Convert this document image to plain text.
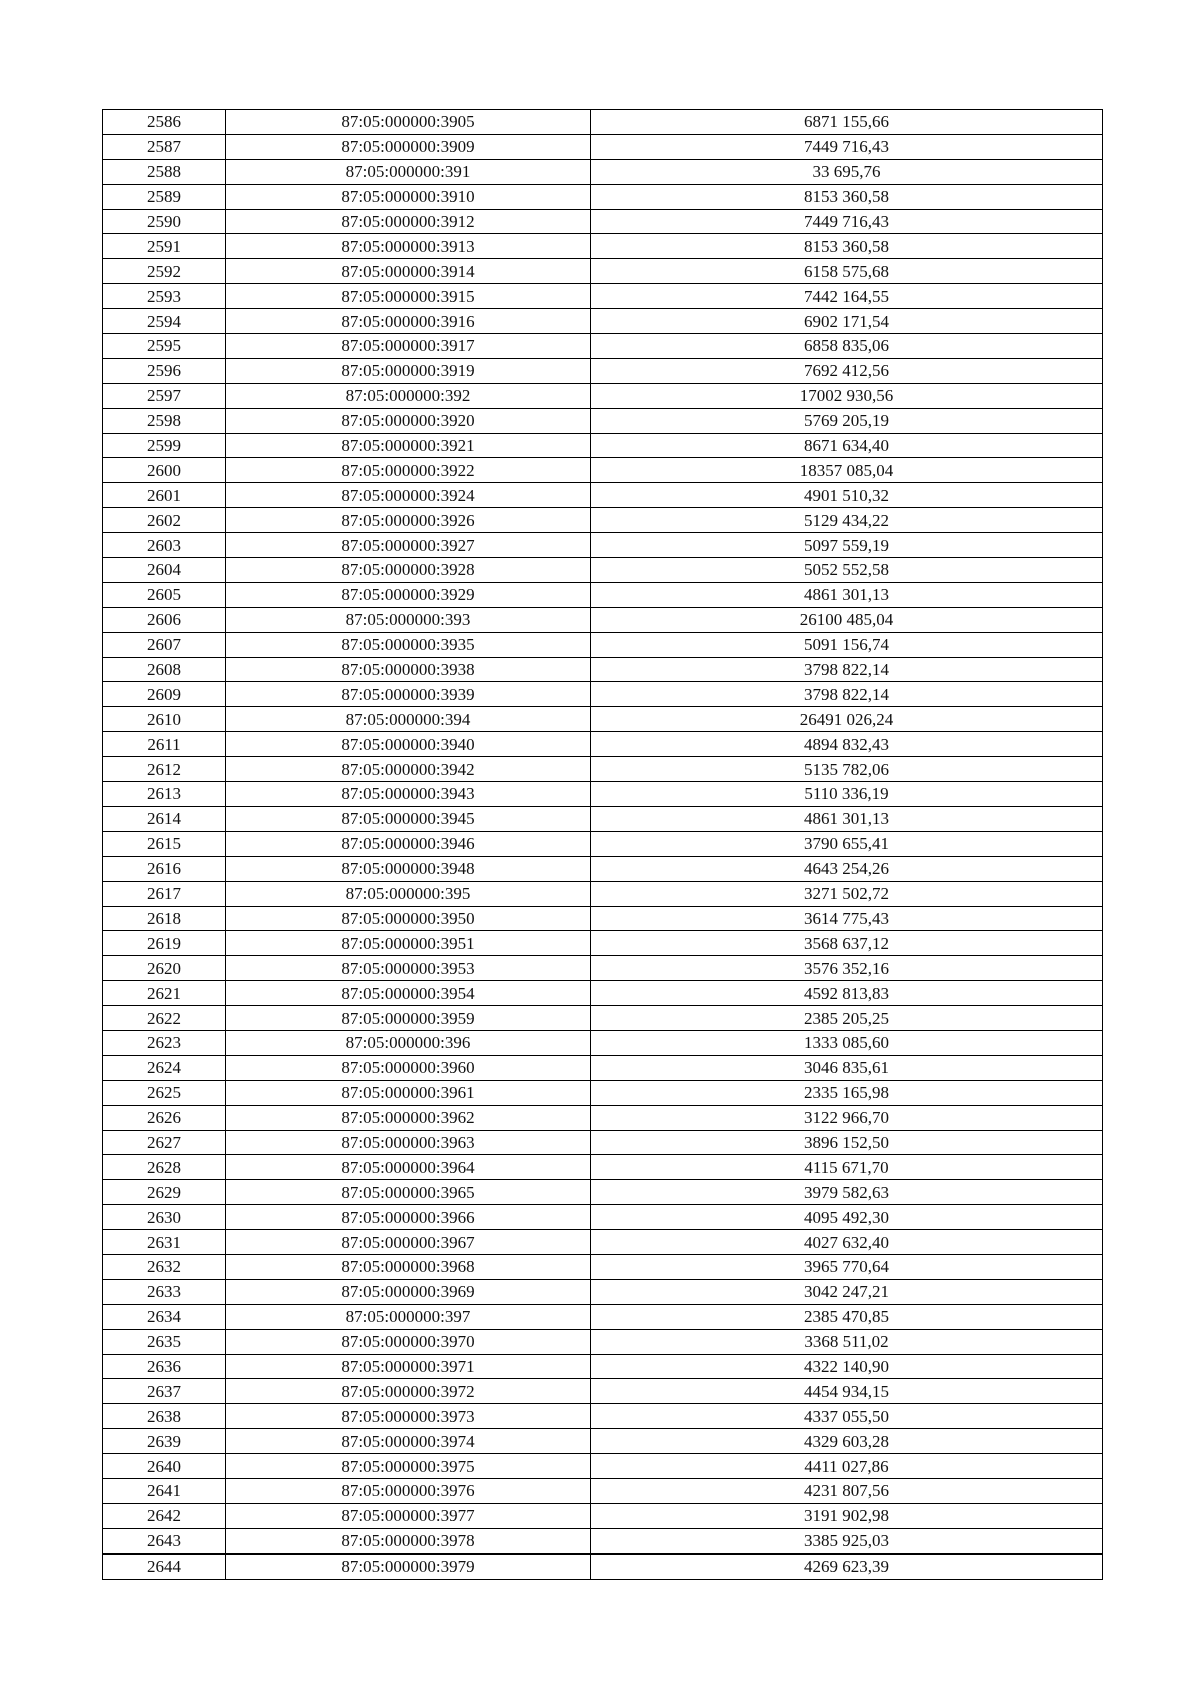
2586	87:05:000000:3905	6871 155,66
2587	87:05:000000:3909	7449 716,43
2588	87:05:000000:391	33 695,76
2589	87:05:000000:3910	8153 360,58
2590	87:05:000000:3912	7449 716,43
2591	87:05:000000:3913	8153 360,58
2592	87:05:000000:3914	6158 575,68
2593	87:05:000000:3915	7442 164,55
2594	87:05:000000:3916	6902 171,54
2595	87:05:000000:3917	6858 835,06
2596	87:05:000000:3919	7692 412,56
2597	87:05:000000:392	17002 930,56
2598	87:05:000000:3920	5769 205,19
2599	87:05:000000:3921	8671 634,40
2600	87:05:000000:3922	18357 085,04
2601	87:05:000000:3924	4901 510,32
2602	87:05:000000:3926	5129 434,22
2603	87:05:000000:3927	5097 559,19
2604	87:05:000000:3928	5052 552,58
2605	87:05:000000:3929	4861 301,13
2606	87:05:000000:393	26100 485,04
2607	87:05:000000:3935	5091 156,74
2608	87:05:000000:3938	3798 822,14
2609	87:05:000000:3939	3798 822,14
2610	87:05:000000:394	26491 026,24
2611	87:05:000000:3940	4894 832,43
2612	87:05:000000:3942	5135 782,06
2613	87:05:000000:3943	5110 336,19
2614	87:05:000000:3945	4861 301,13
2615	87:05:000000:3946	3790 655,41
2616	87:05:000000:3948	4643 254,26
2617	87:05:000000:395	3271 502,72
2618	87:05:000000:3950	3614 775,43
2619	87:05:000000:3951	3568 637,12
2620	87:05:000000:3953	3576 352,16
2621	87:05:000000:3954	4592 813,83
2622	87:05:000000:3959	2385 205,25
2623	87:05:000000:396	1333 085,60
2624	87:05:000000:3960	3046 835,61
2625	87:05:000000:3961	2335 165,98
2626	87:05:000000:3962	3122 966,70
2627	87:05:000000:3963	3896 152,50
2628	87:05:000000:3964	4115 671,70
2629	87:05:000000:3965	3979 582,63
2630	87:05:000000:3966	4095 492,30
2631	87:05:000000:3967	4027 632,40
2632	87:05:000000:3968	3965 770,64
2633	87:05:000000:3969	3042 247,21
2634	87:05:000000:397	2385 470,85
2635	87:05:000000:3970	3368 511,02
2636	87:05:000000:3971	4322 140,90
2637	87:05:000000:3972	4454 934,15
2638	87:05:000000:3973	4337 055,50
2639	87:05:000000:3974	4329 603,28
2640	87:05:000000:3975	4411 027,86
2641	87:05:000000:3976	4231 807,56
2642	87:05:000000:3977	3191 902,98
2643	87:05:000000:3978	3385 925,03
2644	87:05:000000:3979	4269 623,39
